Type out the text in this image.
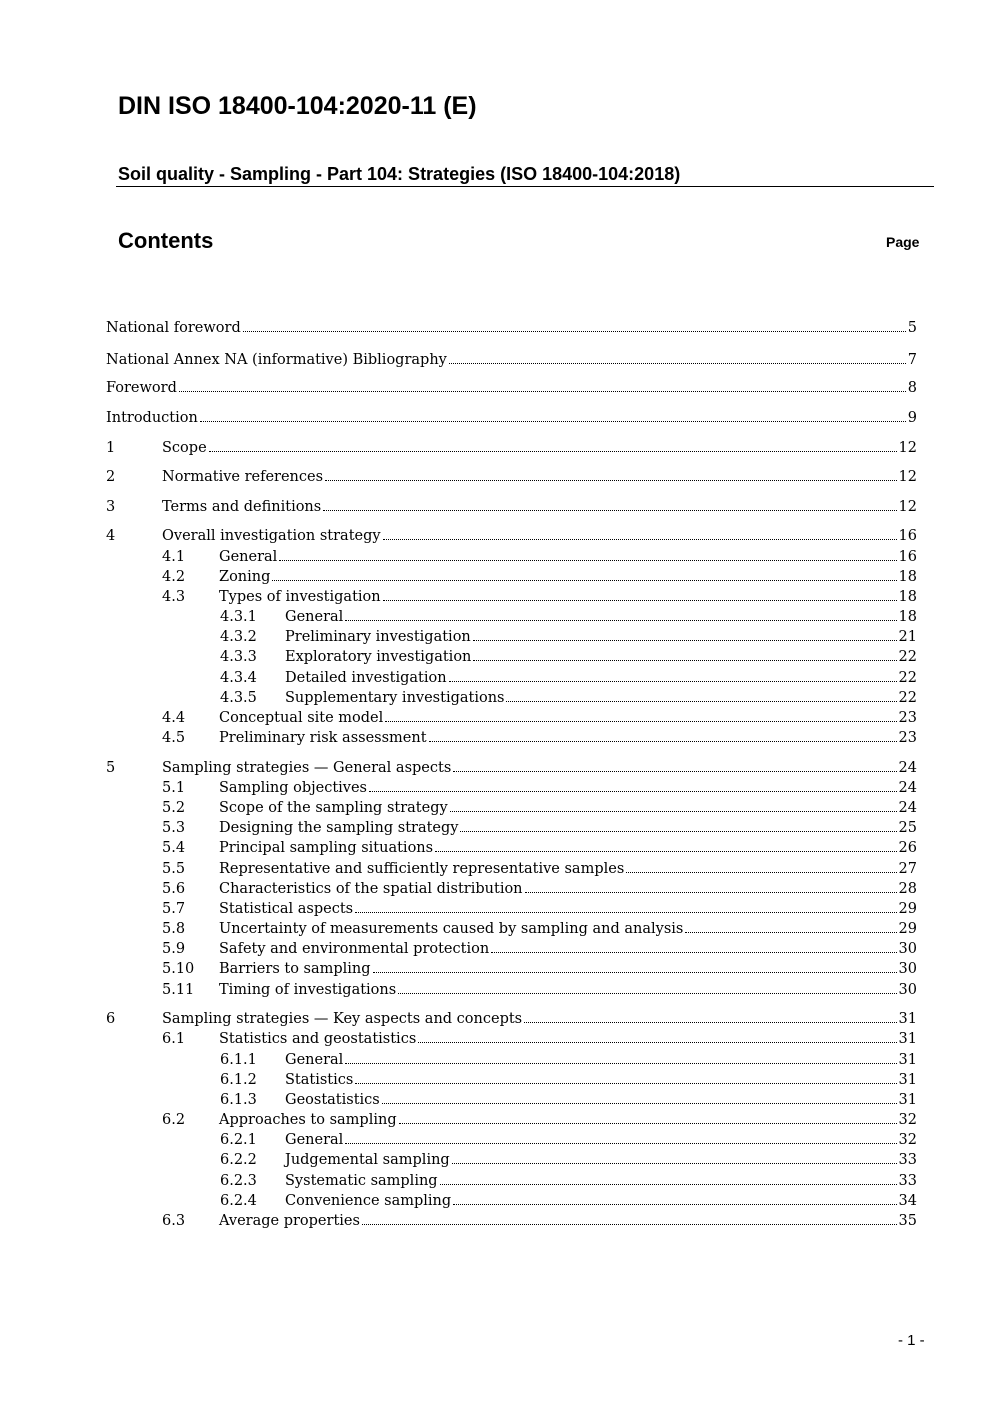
DIN ISO 18400-104:2020-11 (E)
Soil quality - Sampling - Part 104: Strategies (ISO 18400-104:2018)
Contents	Page
National foreword	5
National Annex NA (informative) Bibliography	7
Foreword	8
Introduction	9
1	Scope	12
2	Normative references	12
3	Terms and definitions	12
4	Overall investigation strategy	16
4.1 General	16
4.2 Zoning	18
4.3 Types of investigation	18
4.3.1 General	18
4.3.2 Preliminary investigation	21
4.3.3 Exploratory investigation	22
4.3.4 Detailed investigation	22
4.3.5 Supplementary investigations	22
4.4 Conceptual site model	23
4.5 Preliminary risk assessment	23
5	Sampling strategies — General aspects	24
5.1 Sampling objectives	24
5.2 Scope of the sampling strategy	24
5.3 Designing the sampling strategy	25
5.4 Principal sampling situations	26
5.5 Representative and sufficiently representative samples	27
5.6 Characteristics of the spatial distribution	28
5.7 Statistical aspects	29
5.8 Uncertainty of measurements caused by sampling and analysis	29
5.9 Safety and environmental protection	30
5.10 Barriers to sampling	30
5.11 Timing of investigations	30
6	Sampling strategies — Key aspects and concepts	31
6.1 Statistics and geostatistics	31
6.1.1 General	31
6.1.2 Statistics	31
6.1.3 Geostatistics	31
6.2 Approaches to sampling	32
6.2.1 General	32
6.2.2 Judgemental sampling	33
6.2.3 Systematic sampling	33
6.2.4 Convenience sampling	34
6.3 Average properties	35
- 1 -
